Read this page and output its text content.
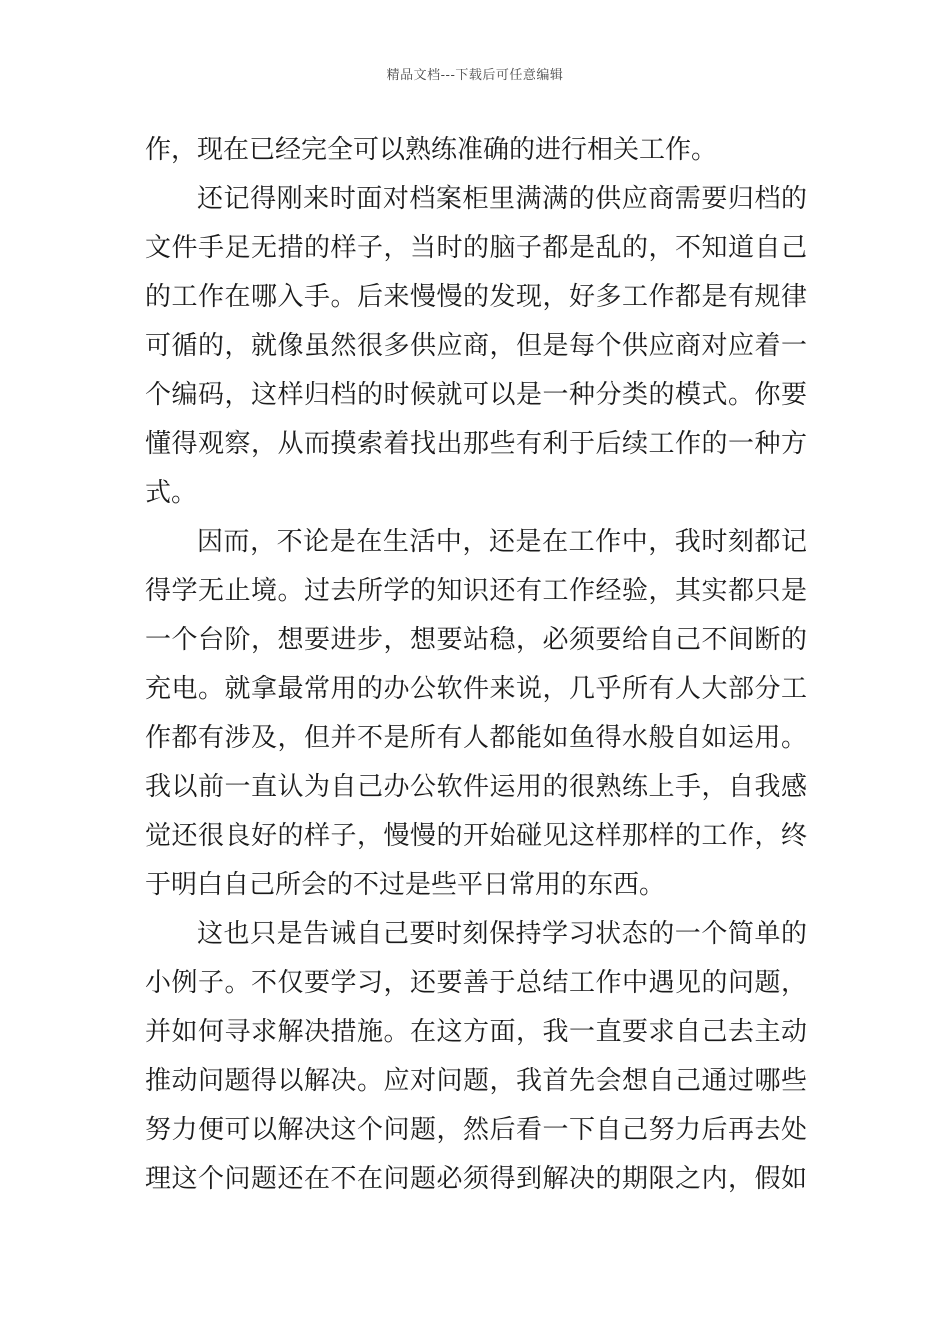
精品文档---下载后可任意编辑
作，现在已经完全可以熟练准确的进行相关工作。
还记得刚来时面对档案柜里满满的供应商需要归档的
文件手足无措的样子，当时的脑子都是乱的，不知道自己
的工作在哪入手。后来慢慢的发现，好多工作都是有规律
可循的，就像虽然很多供应商，但是每个供应商对应着一
个编码，这样归档的时候就可以是一种分类的模式。你要
懂得观察，从而摸索着找出那些有利于后续工作的一种方
式。
因而，不论是在生活中，还是在工作中，我时刻都记
得学无止境。过去所学的知识还有工作经验，其实都只是
一个台阶，想要进步，想要站稳，必须要给自己不间断的
充电。就拿最常用的办公软件来说，几乎所有人大部分工
作都有涉及，但并不是所有人都能如鱼得水般自如运用。
我以前一直认为自己办公软件运用的很熟练上手，自我感
觉还很良好的样子，慢慢的开始碰见这样那样的工作，终
于明白自己所会的不过是些平日常用的东西。
这也只是告诫自己要时刻保持学习状态的一个简单的
小例子。不仅要学习，还要善于总结工作中遇见的问题，
并如何寻求解决措施。在这方面，我一直要求自己去主动
推动问题得以解决。应对问题，我首先会想自己通过哪些
努力便可以解决这个问题，然后看一下自己努力后再去处
理这个问题还在不在问题必须得到解决的期限之内，假如
